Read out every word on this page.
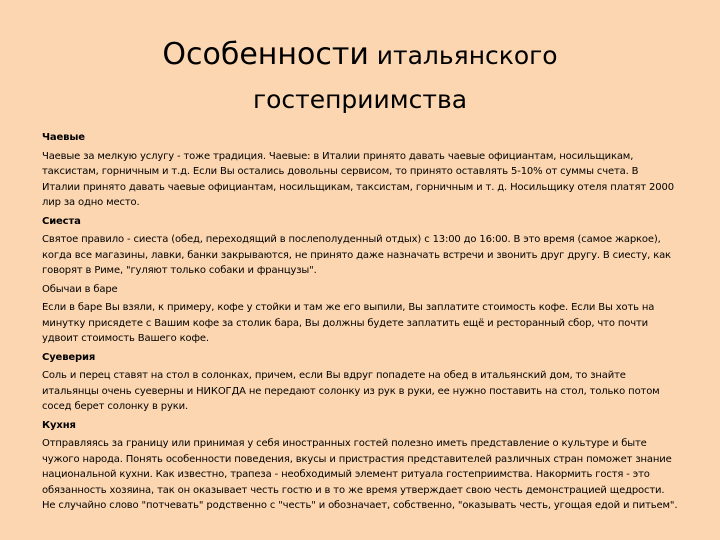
Особенности итальянского
гостеприимства
Чаевые
Чаевые за мелкую услугу - тоже традиция. Чаевые: в Италии принято давать чаевые официантам, носильщикам, таксистам, горничным и т.д. Если Вы остались довольны сервисом, то принято оставлять 5-10% от суммы счета. В Италии принято давать чаевые официантам, носильщикам, таксистам, горничным и т. д. Носильщику отеля платят 2000 лир за одно место.
Сиеста
Святое правило - сиеста (обед, переходящий в послеполуденный отдых) с 13:00 до 16:00. В это время (самое жаркое), когда все магазины, лавки, банки закрываются, не принято даже назначать встречи и звонить друг другу. В сиесту, как говорят в Риме, "гуляют только собаки и французы".
Обычаи в баре
Если в баре Вы взяли, к примеру, кофе у стойки и там же его выпили, Вы заплатите стоимость кофе. Если Вы хоть на минутку присядете с Вашим кофе за столик бара, Вы должны будете заплатить ещё и ресторанный сбор, что почти удвоит стоимость Вашего кофе.
Суеверия
Соль и перец ставят на стол в солонках, причем, если Вы вдруг попадете на обед в итальянский дом, то знайте итальянцы очень суеверны и НИКОГДА не передают солонку из рук в руки, ее нужно поставить на стол, только потом сосед берет солонку в руки.
Кухня
Отправляясь за границу или принимая у себя иностранных гостей полезно иметь представление о культуре и быте чужого народа. Понять особенности поведения, вкусы и пристрастия представителей различных стран поможет знание национальной кухни. Как известно, трапеза - необходимый элемент ритуала гостеприимства. Накормить гостя - это обязанность хозяина, так он оказывает честь гостю и в то же время утверждает свою честь демонстрацией щедрости. Не случайно слово "потчевать" родственно с "честь" и обозначает, собственно, "оказывать честь, угощая едой и питьем".
